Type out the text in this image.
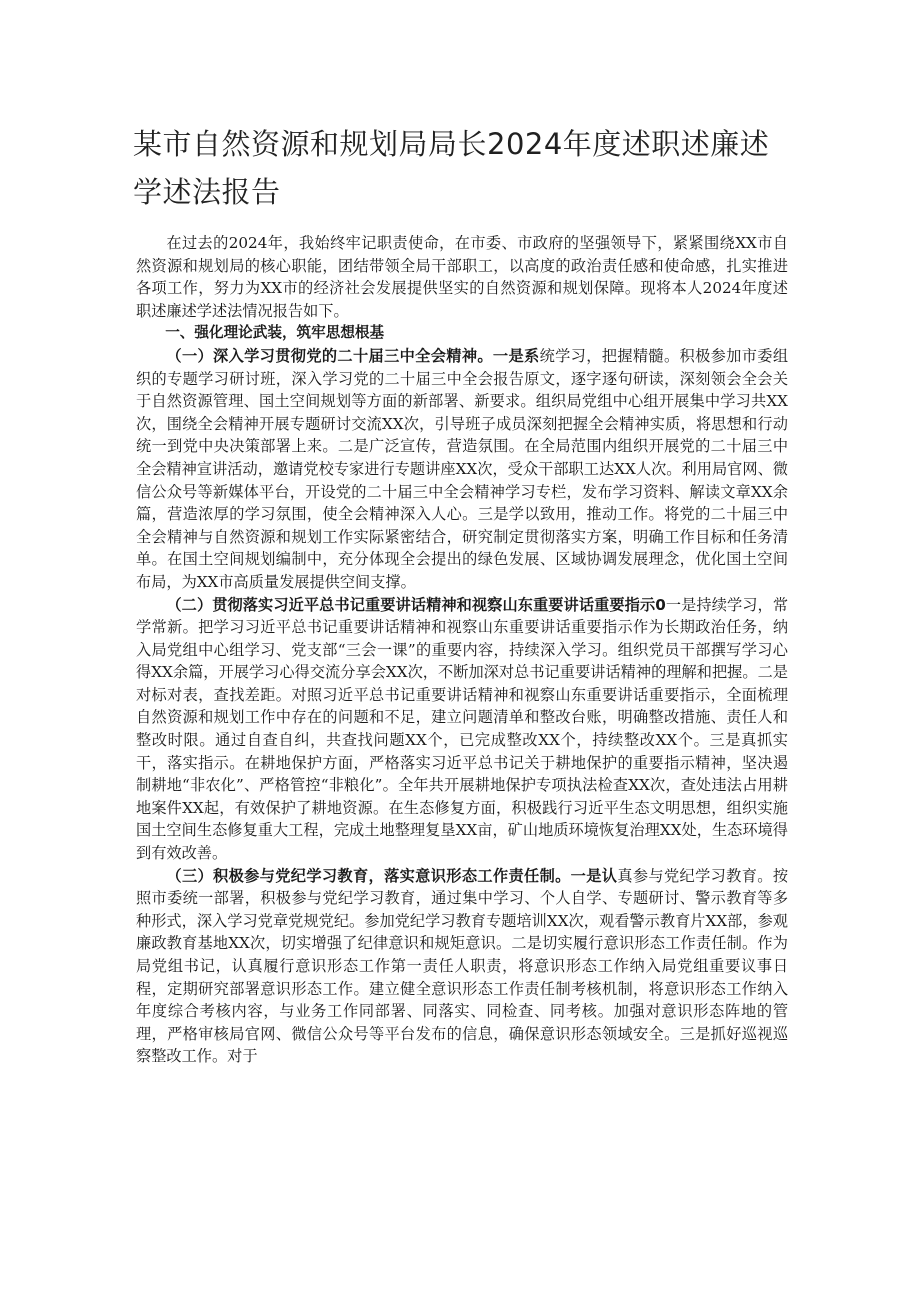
某市自然资源和规划局局长2024年度述职述廉述学述法报告

在过去的2024年，我始终牢记职责使命，在市委、市政府的坚强领导下，紧紧围绕XX市自然资源和规划局的核心职能，团结带领全局干部职工，以高度的政治责任感和使命感，扎实推进各项工作，努力为XX市的经济社会发展提供坚实的自然资源和规划保障。现将本人2024年度述职述廉述学述法情况报告如下。

一、强化理论武装，筑牢思想根基

（一）深入学习贯彻党的二十届三中全会精神。一是系统学习，把握精髓。积极参加市委组织的专题学习研讨班，深入学习党的二十届三中全会报告原文，逐字逐句研读，深刻领会全会关于自然资源管理、国土空间规划等方面的新部署、新要求。组织局党组中心组开展集中学习共XX次，围绕全会精神开展专题研讨交流XX次，引导班子成员深刻把握全会精神实质，将思想和行动统一到党中央决策部署上来。二是广泛宣传，营造氛围。在全局范围内组织开展党的二十届三中全会精神宣讲活动，邀请党校专家进行专题讲座XX次，受众干部职工达XX人次。利用局官网、微信公众号等新媒体平台，开设党的二十届三中全会精神学习专栏，发布学习资料、解读文章XX余篇，营造浓厚的学习氛围，使全会精神深入人心。三是学以致用，推动工作。将党的二十届三中全会精神与自然资源和规划工作实际紧密结合，研究制定贯彻落实方案，明确工作目标和任务清单。在国土空间规划编制中，充分体现全会提出的绿色发展、区域协调发展理念，优化国土空间布局，为XX市高质量发展提供空间支撑。

（二）贯彻落实习近平总书记重要讲话精神和视察山东重要讲话重要指示0一是持续学习，常学常新。把学习习近平总书记重要讲话精神和视察山东重要讲话重要指示作为长期政治任务，纳入局党组中心组学习、党支部“三会一课”的重要内容，持续深入学习。组织党员干部撰写学习心得XX余篇，开展学习心得交流分享会XX次，不断加深对总书记重要讲话精神的理解和把握。二是对标对表，查找差距。对照习近平总书记重要讲话精神和视察山东重要讲话重要指示，全面梳理自然资源和规划工作中存在的问题和不足，建立问题清单和整改台账，明确整改措施、责任人和整改时限。通过自查自纠，共查找问题XX个，已完成整改XX个，持续整改XX个。三是真抓实干，落实指示。在耕地保护方面，严格落实习近平总书记关于耕地保护的重要指示精神，坚决遏制耕地“非农化”、严格管控“非粮化”。全年共开展耕地保护专项执法检查XX次，查处违法占用耕地案件XX起，有效保护了耕地资源。在生态修复方面，积极践行习近平生态文明思想，组织实施国土空间生态修复重大工程，完成土地整理复垦XX亩，矿山地质环境恢复治理XX处，生态环境得到有效改善。

（三）积极参与党纪学习教育，落实意识形态工作责任制。一是认真参与党纪学习教育。按照市委统一部署，积极参与党纪学习教育，通过集中学习、个人自学、专题研讨、警示教育等多种形式，深入学习党章党规党纪。参加党纪学习教育专题培训XX次，观看警示教育片XX部，参观廉政教育基地XX次，切实增强了纪律意识和规矩意识。二是切实履行意识形态工作责任制。作为局党组书记，认真履行意识形态工作第一责任人职责，将意识形态工作纳入局党组重要议事日程，定期研究部署意识形态工作。建立健全意识形态工作责任制考核机制，将意识形态工作纳入年度综合考核内容，与业务工作同部署、同落实、同检查、同考核。加强对意识形态阵地的管理，严格审核局官网、微信公众号等平台发布的信息，确保意识形态领域安全。三是抓好巡视巡察整改工作。对于
